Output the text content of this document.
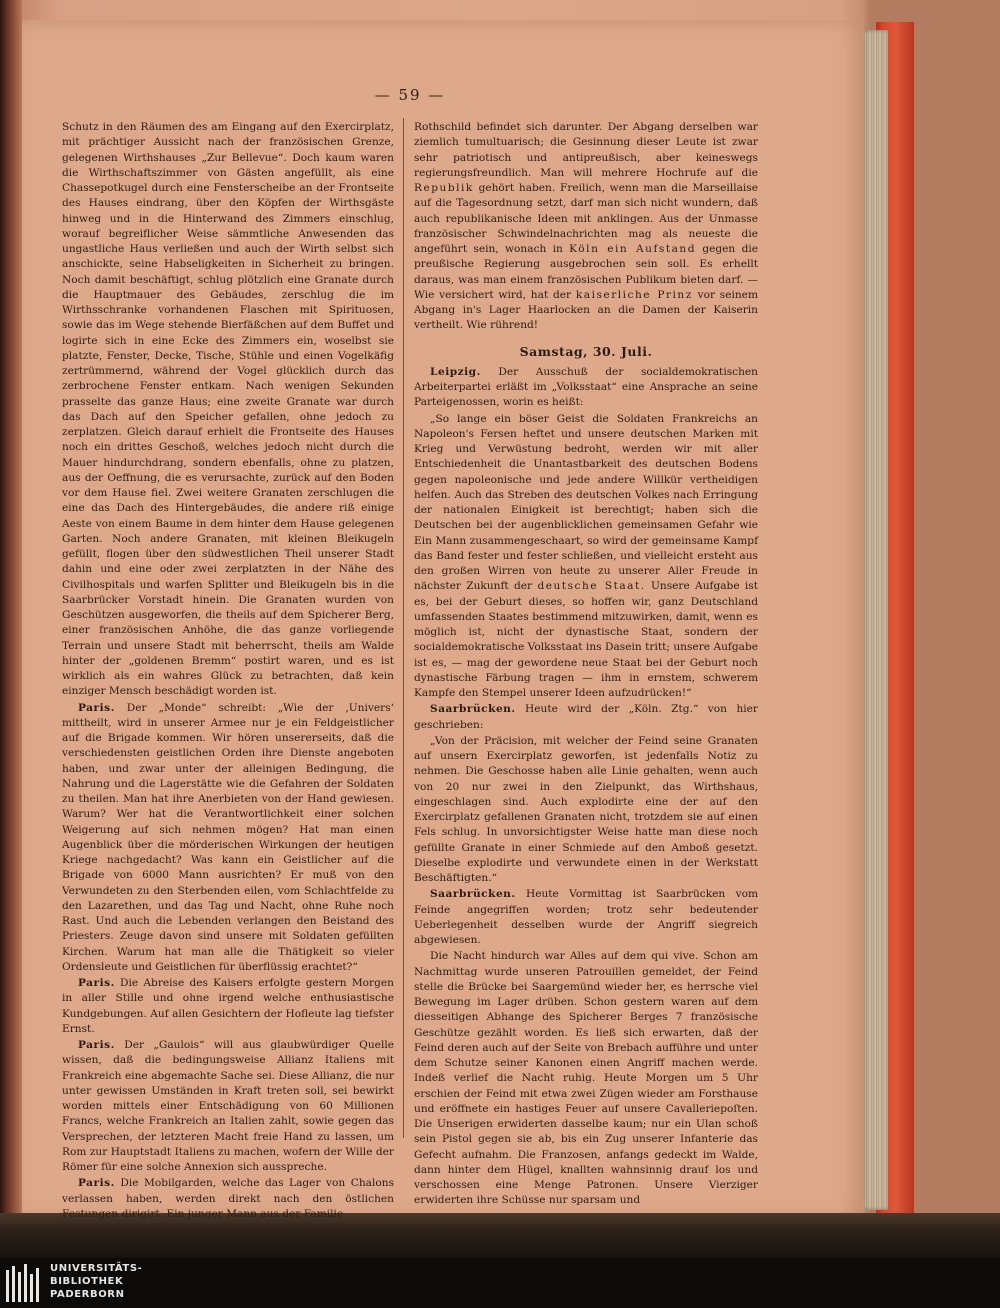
— 59 —

Schutz in den Räumen des am Eingang auf den Exercirplatz, mit prächtiger Aussicht nach der französischen Grenze, gelegenen Wirthshauses „Zur Bellevue“. Doch kaum waren die Wirthschaftszimmer von Gästen angefüllt, als eine Chassepotkugel durch eine Fensterscheibe an der Frontseite des Hauses eindrang, über den Köpfen der Wirthsgäste hinweg und in die Hinterwand des Zimmers einschlug, worauf begreiflicher Weise sämmtliche Anwesenden das ungastliche Haus verließen und auch der Wirth selbst sich anschickte, seine Habseligkeiten in Sicherheit zu bringen. Noch damit beschäftigt, schlug plötzlich eine Granate durch die Hauptmauer des Gebäudes, zerschlug die im Wirthsschranke vorhandenen Flaschen mit Spirituosen, sowie das im Wege stehende Bierfäßchen auf dem Buffet und logirte sich in eine Ecke des Zimmers ein, woselbst sie platzte, Fenster, Decke, Tische, Stühle und einen Vogelkäfig zertrümmernd, während der Vogel glücklich durch das zerbrochene Fenster entkam. Nach wenigen Sekunden prasselte das ganze Haus; eine zweite Granate war durch das Dach auf den Speicher gefallen, ohne jedoch zu zerplatzen. Gleich darauf erhielt die Frontseite des Hauses noch ein drittes Geschoß, welches jedoch nicht durch die Mauer hindurchdrang, sondern ebenfalls, ohne zu platzen, aus der Oeffnung, die es verursachte, zurück auf den Boden vor dem Hause fiel. Zwei weitere Granaten zerschlugen die eine das Dach des Hintergebäudes, die andere riß einige Aeste von einem Baume in dem hinter dem Hause gelegenen Garten. Noch andere Granaten, mit kleinen Bleikugeln gefüllt, flogen über den südwestlichen Theil unserer Stadt dahin und eine oder zwei zerplatzten in der Nähe des Civilhospitals und warfen Splitter und Bleikugeln bis in die Saarbrücker Vorstadt hinein. Die Granaten wurden von Geschützen ausgeworfen, die theils auf dem Spicherer Berg, einer französischen Anhöhe, die das ganze vorliegende Terrain und unsere Stadt mit beherrscht, theils am Walde hinter der „goldenen Bremm“ postirt waren, und es ist wirklich als ein wahres Glück zu betrachten, daß kein einziger Mensch beschädigt worden ist.

Paris. Der „Monde“ schreibt: „Wie der ‚Univers‘ mittheilt, wird in unserer Armee nur je ein Feldgeistlicher auf die Brigade kommen. Wir hören unsererseits, daß die verschiedensten geistlichen Orden ihre Dienste angeboten haben, und zwar unter der alleinigen Bedingung, die Nahrung und die Lagerstätte wie die Gefahren der Soldaten zu theilen. Man hat ihre Anerbieten von der Hand gewiesen. Warum? Wer hat die Verantwortlichkeit einer solchen Weigerung auf sich nehmen mögen? Hat man einen Augenblick über die mörderischen Wirkungen der heutigen Kriege nachgedacht? Was kann ein Geistlicher auf die Brigade von 6000 Mann ausrichten? Er muß von den Verwundeten zu den Sterbenden eilen, vom Schlachtfelde zu den Lazarethen, und das Tag und Nacht, ohne Ruhe noch Rast. Und auch die Lebenden verlangen den Beistand des Priesters. Zeuge davon sind unsere mit Soldaten gefüllten Kirchen. Warum hat man alle die Thätigkeit so vieler Ordensleute und Geistlichen für überflüssig erachtet?“

Paris. Die Abreise des Kaisers erfolgte gestern Morgen in aller Stille und ohne irgend welche enthusiastische Kundgebungen. Auf allen Gesichtern der Hofleute lag tiefster Ernst.

Paris. Der „Gaulois“ will aus glaubwürdiger Quelle wissen, daß die bedingungsweise Allianz Italiens mit Frankreich eine abgemachte Sache sei. Diese Allianz, die nur unter gewissen Umständen in Kraft treten soll, sei bewirkt worden mittels einer Entschädigung von 60 Millionen Francs, welche Frankreich an Italien zahlt, sowie gegen das Versprechen, der letzteren Macht freie Hand zu lassen, um Rom zur Hauptstadt Italiens zu machen, wofern der Wille der Römer für eine solche Annexion sich ausspreche.

Paris. Die Mobilgarden, welche das Lager von Chalons verlassen haben, werden direkt nach den östlichen Festungen dirigirt. Ein junger Mann aus der Familie

Rothschild befindet sich darunter. Der Abgang derselben war ziemlich tumultuarisch; die Gesinnung dieser Leute ist zwar sehr patriotisch und antipreußisch, aber keineswegs regierungsfreundlich. Man will mehrere Hochrufe auf die Republik gehört haben. Freilich, wenn man die Marseillaise auf die Tagesordnung setzt, darf man sich nicht wundern, daß auch republikanische Ideen mit anklingen. Aus der Unmasse französischer Schwindelnachrichten mag als neueste die angeführt sein, wonach in Köln ein Aufstand gegen die preußische Regierung ausgebrochen sein soll. Es erhellt daraus, was man einem französischen Publikum bieten darf. — Wie versichert wird, hat der kaiserliche Prinz vor seinem Abgang in's Lager Haarlocken an die Damen der Kaiserin vertheilt. Wie rührend!

Samstag, 30. Juli.

Leipzig. Der Ausschuß der socialdemokratischen Arbeiterpartei erläßt im „Volksstaat“ eine Ansprache an seine Parteigenossen, worin es heißt:

„So lange ein böser Geist die Soldaten Frankreichs an Napoleon's Fersen heftet und unsere deutschen Marken mit Krieg und Verwüstung bedroht, werden wir mit aller Entschiedenheit die Unantastbarkeit des deutschen Bodens gegen napoleonische und jede andere Willkür vertheidigen helfen. Auch das Streben des deutschen Volkes nach Erringung der nationalen Einigkeit ist berechtigt; haben sich die Deutschen bei der augenblicklichen gemeinsamen Gefahr wie Ein Mann zusammengeschaart, so wird der gemeinsame Kampf das Band fester und fester schließen, und vielleicht ersteht aus den großen Wirren von heute zu unserer Aller Freude in nächster Zukunft der deutsche Staat. Unsere Aufgabe ist es, bei der Geburt dieses, so hoffen wir, ganz Deutschland umfassenden Staates bestimmend mitzuwirken, damit, wenn es möglich ist, nicht der dynastische Staat, sondern der socialdemokratische Volksstaat ins Dasein tritt; unsere Aufgabe ist es, — mag der gewordene neue Staat bei der Geburt noch dynastische Färbung tragen — ihm in ernstem, schwerem Kampfe den Stempel unserer Ideen aufzudrücken!“

Saarbrücken. Heute wird der „Köln. Ztg.“ von hier geschrieben:

„Von der Präcision, mit welcher der Feind seine Granaten auf unsern Exercirplatz geworfen, ist jedenfalls Notiz zu nehmen. Die Geschosse haben alle Linie gehalten, wenn auch von 20 nur zwei in den Zielpunkt, das Wirthshaus, eingeschlagen sind. Auch explodirte eine der auf den Exercirplatz gefallenen Granaten nicht, trotzdem sie auf einen Fels schlug. In unvorsichtigster Weise hatte man diese noch gefüllte Granate in einer Schmiede auf den Amboß gesetzt. Dieselbe explodirte und verwundete einen in der Werkstatt Beschäftigten.“

Saarbrücken. Heute Vormittag ist Saarbrücken vom Feinde angegriffen worden; trotz sehr bedeutender Ueberlegenheit desselben wurde der Angriff siegreich abgewiesen.

Die Nacht hindurch war Alles auf dem qui vive. Schon am Nachmittag wurde unseren Patrouillen gemeldet, der Feind stelle die Brücke bei Saargemünd wieder her, es herrsche viel Bewegung im Lager drüben. Schon gestern waren auf dem diesseitigen Abhange des Spicherer Berges 7 französische Geschütze gezählt worden. Es ließ sich erwarten, daß der Feind deren auch auf der Seite von Brebach aufführe und unter dem Schutze seiner Kanonen einen Angriff machen werde. Indeß verlief die Nacht ruhig. Heute Morgen um 5 Uhr erschien der Feind mit etwa zwei Zügen wieder am Forsthause und eröffnete ein hastiges Feuer auf unsere Cavalleriepoſten. Die Unserigen erwiderten dasselbe kaum; nur ein Ulan schoß sein Pistol gegen sie ab, bis ein Zug unserer Infanterie das Gefecht aufnahm. Die Franzosen, anfangs gedeckt im Walde, dann hinter dem Hügel, knallten wahnsinnig drauf los und verschossen eine Menge Patronen. Unsere Vierziger erwiderten ihre Schüsse nur sparsam und

UNIVERSITÄTS-
BIBLIOTHEK
PADERBORN
